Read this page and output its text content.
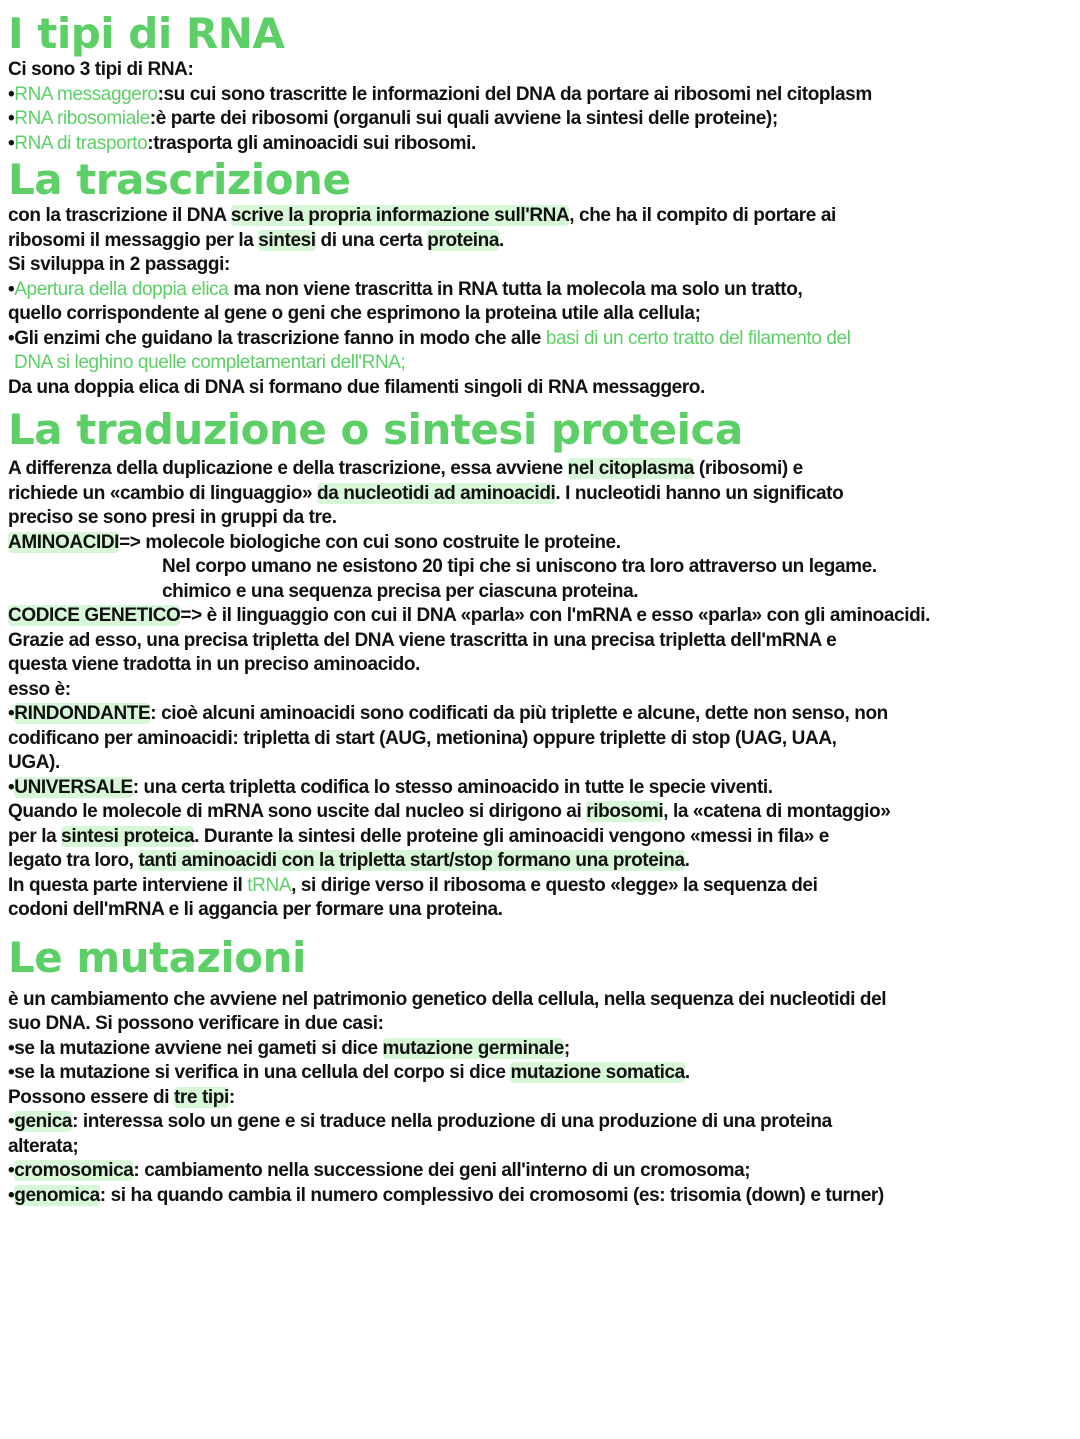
I tipi di RNA
Ci sono 3 tipi di RNA:
•RNA messaggero:su cui sono trascritte le informazioni del DNA da portare ai ribosomi nel citoplasm
•RNA ribosomiale:è parte dei ribosomi (organuli sui quali avviene la sintesi delle proteine);
•RNA di trasporto:trasporta gli aminoacidi sui ribosomi.
La trascrizione
con la trascrizione il DNA scrive la propria informazione sull'RNA, che ha il compito di portare ai
ribosomi il messaggio per la sintesi di una certa proteina.
Si sviluppa in 2 passaggi:
•Apertura della doppia elica ma non viene trascritta in RNA tutta la molecola ma solo un tratto,
quello corrispondente al gene o geni che esprimono la proteina utile alla cellula;
•Gli enzimi che guidano la trascrizione fanno in modo che alle basi di un certo tratto del filamento del
DNA si leghino quelle completamentari dell'RNA;
Da una doppia elica di DNA si formano due filamenti singoli di RNA messaggero.
La traduzione o sintesi proteica
A differenza della duplicazione e della trascrizione, essa avviene nel citoplasma (ribosomi) e
richiede un «cambio di linguaggio» da nucleotidi ad aminoacidi. I nucleotidi hanno un significato
preciso se sono presi in gruppi da tre.
AMINOACIDI=> molecole biologiche con cui sono costruite le proteine.
Nel corpo umano ne esistono 20 tipi che si uniscono tra loro attraverso un legame.
chimico e una sequenza precisa per ciascuna proteina.
CODICE GENETICO=> è il linguaggio con cui il DNA «parla» con l'mRNA e esso «parla» con gli aminoacidi.
Grazie ad esso, una precisa tripletta del DNA viene trascritta in una precisa tripletta dell'mRNA e
questa viene tradotta in un preciso aminoacido.
esso è:
•RINDONDANTE: cioè alcuni aminoacidi sono codificati da più triplette e alcune, dette non senso, non
codificano per aminoacidi: tripletta di start (AUG, metionina) oppure triplette di stop (UAG, UAA,
UGA).
•UNIVERSALE: una certa tripletta codifica lo stesso aminoacido in tutte le specie viventi.
Quando le molecole di mRNA sono uscite dal nucleo si dirigono ai ribosomi, la «catena di montaggio»
per la sintesi proteica. Durante la sintesi delle proteine gli aminoacidi vengono «messi in fila» e
legato tra loro, tanti aminoacidi con la tripletta start/stop formano una proteina.
In questa parte interviene il tRNA, si dirige verso il ribosoma e questo «legge» la sequenza dei
codoni dell'mRNA e li aggancia per formare una proteina.
Le mutazioni
è un cambiamento che avviene nel patrimonio genetico della cellula, nella sequenza dei nucleotidi del
suo DNA. Si possono verificare in due casi:
•se la mutazione avviene nei gameti si dice mutazione germinale;
•se la mutazione si verifica in una cellula del corpo si dice mutazione somatica.
Possono essere di tre tipi:
•genica: interessa solo un gene e si traduce nella produzione di una produzione di una proteina
alterata;
•cromosomica: cambiamento nella successione dei geni all'interno di un cromosoma;
•genomica: si ha quando cambia il numero complessivo dei cromosomi (es: trisomia (down) e turner)
